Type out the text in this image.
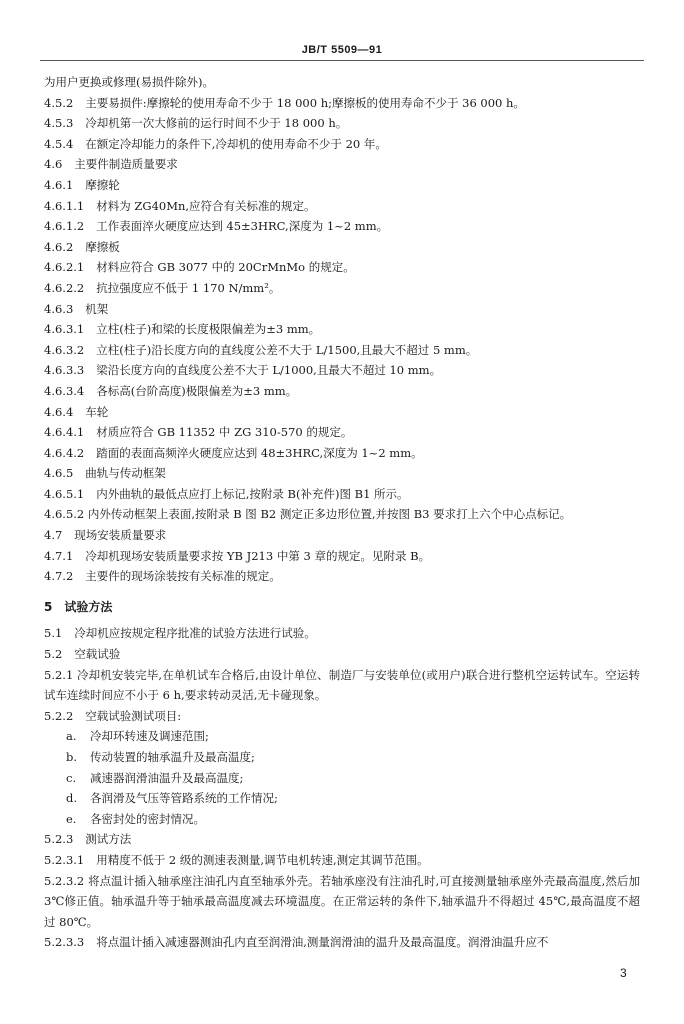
JB/T 5509—91

为用户更换或修理(易损件除外)。

4.5.2 主要易损件:摩擦轮的使用寿命不少于 18 000 h;摩擦板的使用寿命不少于 36 000 h。

4.5.3 冷却机第一次大修前的运行时间不少于 18 000 h。

4.5.4 在额定冷却能力的条件下,冷却机的使用寿命不少于 20 年。

4.6 主要件制造质量要求

4.6.1 摩擦轮

4.6.1.1 材料为 ZG40Mn,应符合有关标准的规定。

4.6.1.2 工作表面淬火硬度应达到 45±3HRC,深度为 1~2 mm。

4.6.2 摩擦板

4.6.2.1 材料应符合 GB 3077 中的 20CrMnMo 的规定。

4.6.2.2 抗拉强度应不低于 1 170 N/mm²。

4.6.3 机架

4.6.3.1 立柱(柱子)和梁的长度极限偏差为±3 mm。

4.6.3.2 立柱(柱子)沿长度方向的直线度公差不大于 L/1500,且最大不超过 5 mm。

4.6.3.3 梁沿长度方向的直线度公差不大于 L/1000,且最大不超过 10 mm。

4.6.3.4 各标高(台阶高度)极限偏差为±3 mm。

4.6.4 车轮

4.6.4.1 材质应符合 GB 11352 中 ZG 310-570 的规定。

4.6.4.2 踏面的表面高频淬火硬度应达到 48±3HRC,深度为 1~2 mm。

4.6.5 曲轨与传动框架

4.6.5.1 内外曲轨的最低点应打上标记,按附录 B(补充件)图 B1 所示。

4.6.5.2 内外传动框架上表面,按附录 B 图 B2 测定正多边形位置,并按图 B3 要求打上六个中心点标记。

4.7 现场安装质量要求

4.7.1 冷却机现场安装质量要求按 YB J213 中第 3 章的规定。见附录 B。

4.7.2 主要件的现场涂装按有关标准的规定。

5 试验方法

5.1 冷却机应按规定程序批准的试验方法进行试验。

5.2 空载试验

5.2.1 冷却机安装完毕,在单机试车合格后,由设计单位、制造厂与安装单位(或用户)联合进行整机空运转试车。空运转试车连续时间应不小于 6 h,要求转动灵活,无卡碰现象。

5.2.2 空载试验测试项目:

a. 冷却环转速及调速范围;

b. 传动装置的轴承温升及最高温度;

c. 减速器润滑油温升及最高温度;

d. 各润滑及气压等管路系统的工作情况;

e. 各密封处的密封情况。

5.2.3 测试方法

5.2.3.1 用精度不低于 2 级的测速表测量,调节电机转速,测定其调节范围。

5.2.3.2 将点温计插入轴承座注油孔内直至轴承外壳。若轴承座没有注油孔时,可直接测量轴承座外壳最高温度,然后加 3℃修正值。轴承温升等于轴承最高温度减去环境温度。在正常运转的条件下,轴承温升不得超过 45℃,最高温度不超过 80℃。

5.2.3.3 将点温计插入减速器测油孔内直至润滑油,测量润滑油的温升及最高温度。润滑油温升应不

3
